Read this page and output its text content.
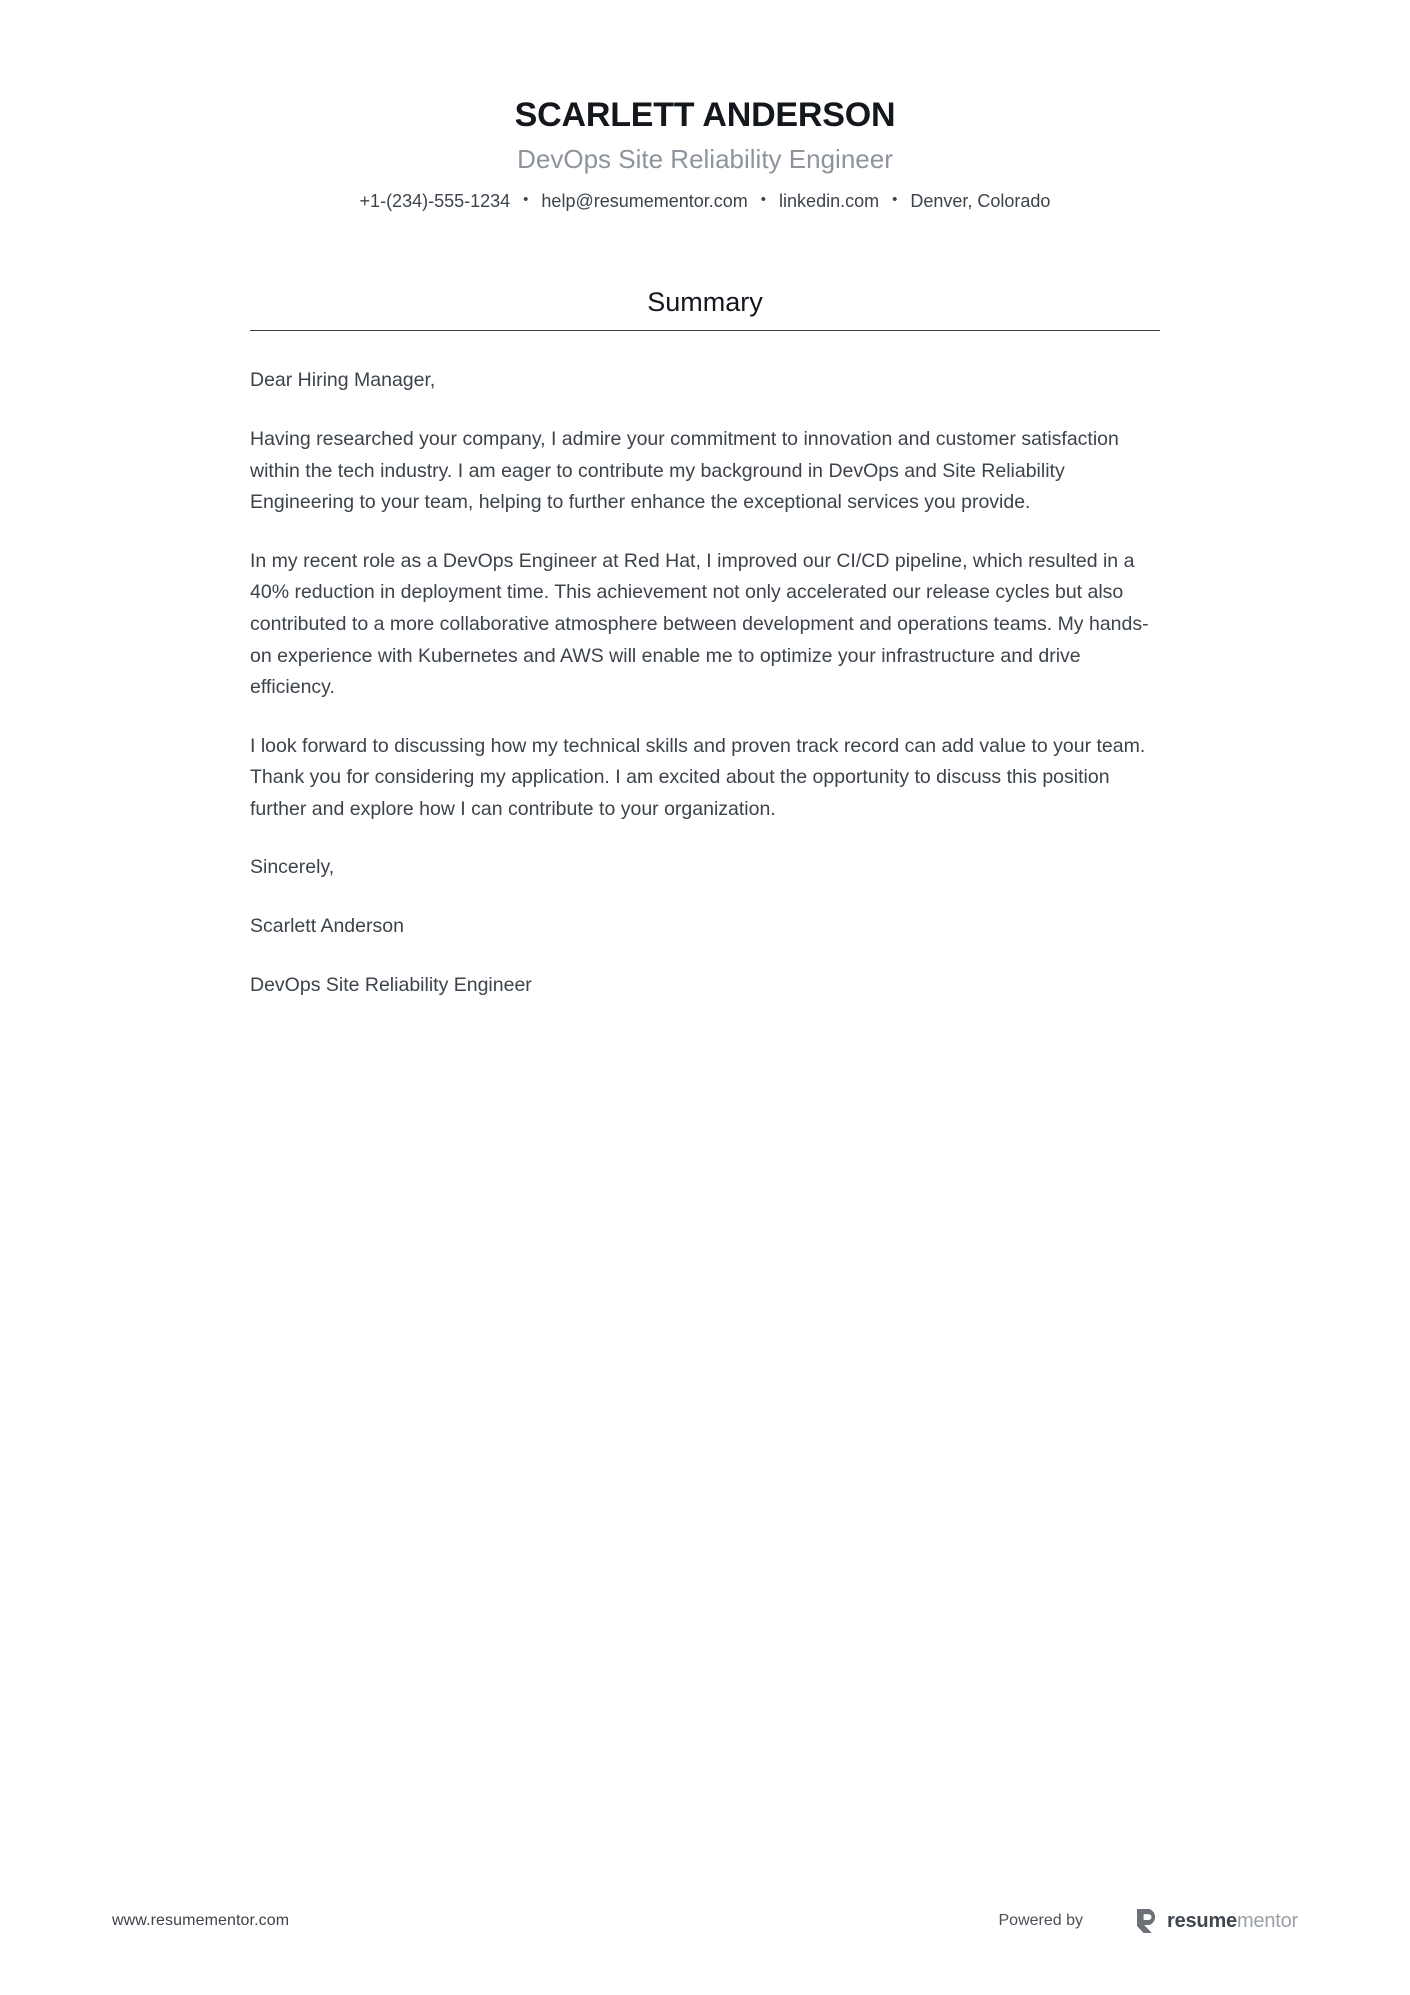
SCARLETT ANDERSON
DevOps Site Reliability Engineer
+1-(234)-555-1234 • help@resumementor.com • linkedin.com • Denver, Colorado
Summary

Dear Hiring Manager,

Having researched your company, I admire your commitment to innovation and customer satisfaction within the tech industry. I am eager to contribute my background in DevOps and Site Reliability Engineering to your team, helping to further enhance the exceptional services you provide.

In my recent role as a DevOps Engineer at Red Hat, I improved our CI/CD pipeline, which resulted in a 40% reduction in deployment time. This achievement not only accelerated our release cycles but also contributed to a more collaborative atmosphere between development and operations teams. My hands-on experience with Kubernetes and AWS will enable me to optimize your infrastructure and drive efficiency.

I look forward to discussing how my technical skills and proven track record can add value to your team. Thank you for considering my application. I am excited about the opportunity to discuss this position further and explore how I can contribute to your organization.

Sincerely,

Scarlett Anderson

DevOps Site Reliability Engineer

www.resumementor.com	Powered by	resumementor
